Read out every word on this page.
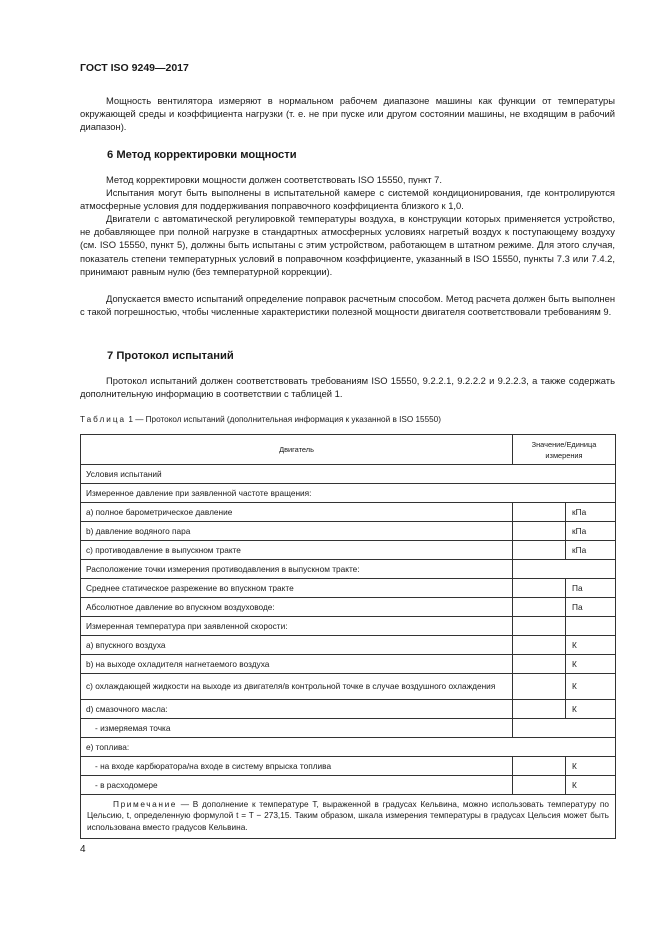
ГОСТ ISO 9249—2017

Мощность вентилятора измеряют в нормальном рабочем диапазоне машины как функции от температуры окружающей среды и коэффициента нагрузки (т. е. не при пуске или другом состоянии машины, не входящим в рабочий диапазон).

6 Метод корректировки мощности

Метод корректировки мощности должен соответствовать ISO 15550, пункт 7.

Испытания могут быть выполнены в испытательной камере с системой кондиционирования, где контролируются атмосферные условия для поддерживания поправочного коэффициента близкого к 1,0.

Двигатели с автоматической регулировкой температуры воздуха, в конструкции которых применяется устройство, не добавляющее при полной нагрузке в стандартных атмосферных условиях нагретый воздух к поступающему воздуху (см. ISO 15550, пункт 5), должны быть испытаны с этим устройством, работающем в штатном режиме. Для этого случая, показатель степени температурных условий в поправочном коэффициенте, указанный в ISO 15550, пункты 7.3 или 7.4.2, принимают равным нулю (без температурной коррекции).

Допускается вместо испытаний определение поправок расчетным способом. Метод расчета должен быть выполнен с такой погрешностью, чтобы численные характеристики полезной мощности двигателя соответствовали требованиям 9.

7 Протокол испытаний

Протокол испытаний должен соответствовать требованиям ISO 15550, 9.2.2.1, 9.2.2.2 и 9.2.2.3, а также содержать дополнительную информацию в соответствии с таблицей 1.

Таблица 1 — Протокол испытаний (дополнительная информация к указанной в ISO 15550)
Двигатель	Значение/Единица измерения	
Условия испытаний		
Измеренное давление при заявленной частоте вращения:		
a) полное барометрическое давление		кПа
b) давление водяного пара		кПа
c) противодавление в выпускном тракте		кПа
Расположение точки измерения противодавления в выпускном тракте:		
Среднее статическое разрежение во впускном тракте		Па
Абсолютное давление во впускном воздуховоде:		Па
Измеренная температура при заявленной скорости:		
a) впускного воздуха		К
b) на выходе охладителя нагнетаемого воздуха		К
c) охлаждающей жидкости на выходе из двигателя/в контрольной точке в случае воздушного охлаждения		К
d) смазочного масла:		К
- измеряемая точка		
e) топлива:		
- на входе карбюратора/на входе в систему впрыска топлива		К
- в расходомере		К
Примечание — В дополнение к температуре T, выраженной в градусах Кельвина, можно использовать температуру по Цельсию, t, определенную формулой t = T − 273,15. Таким образом, шкала измерения температуры в градусах Цельсия может быть использована вместо градусов Кельвина.		
4
